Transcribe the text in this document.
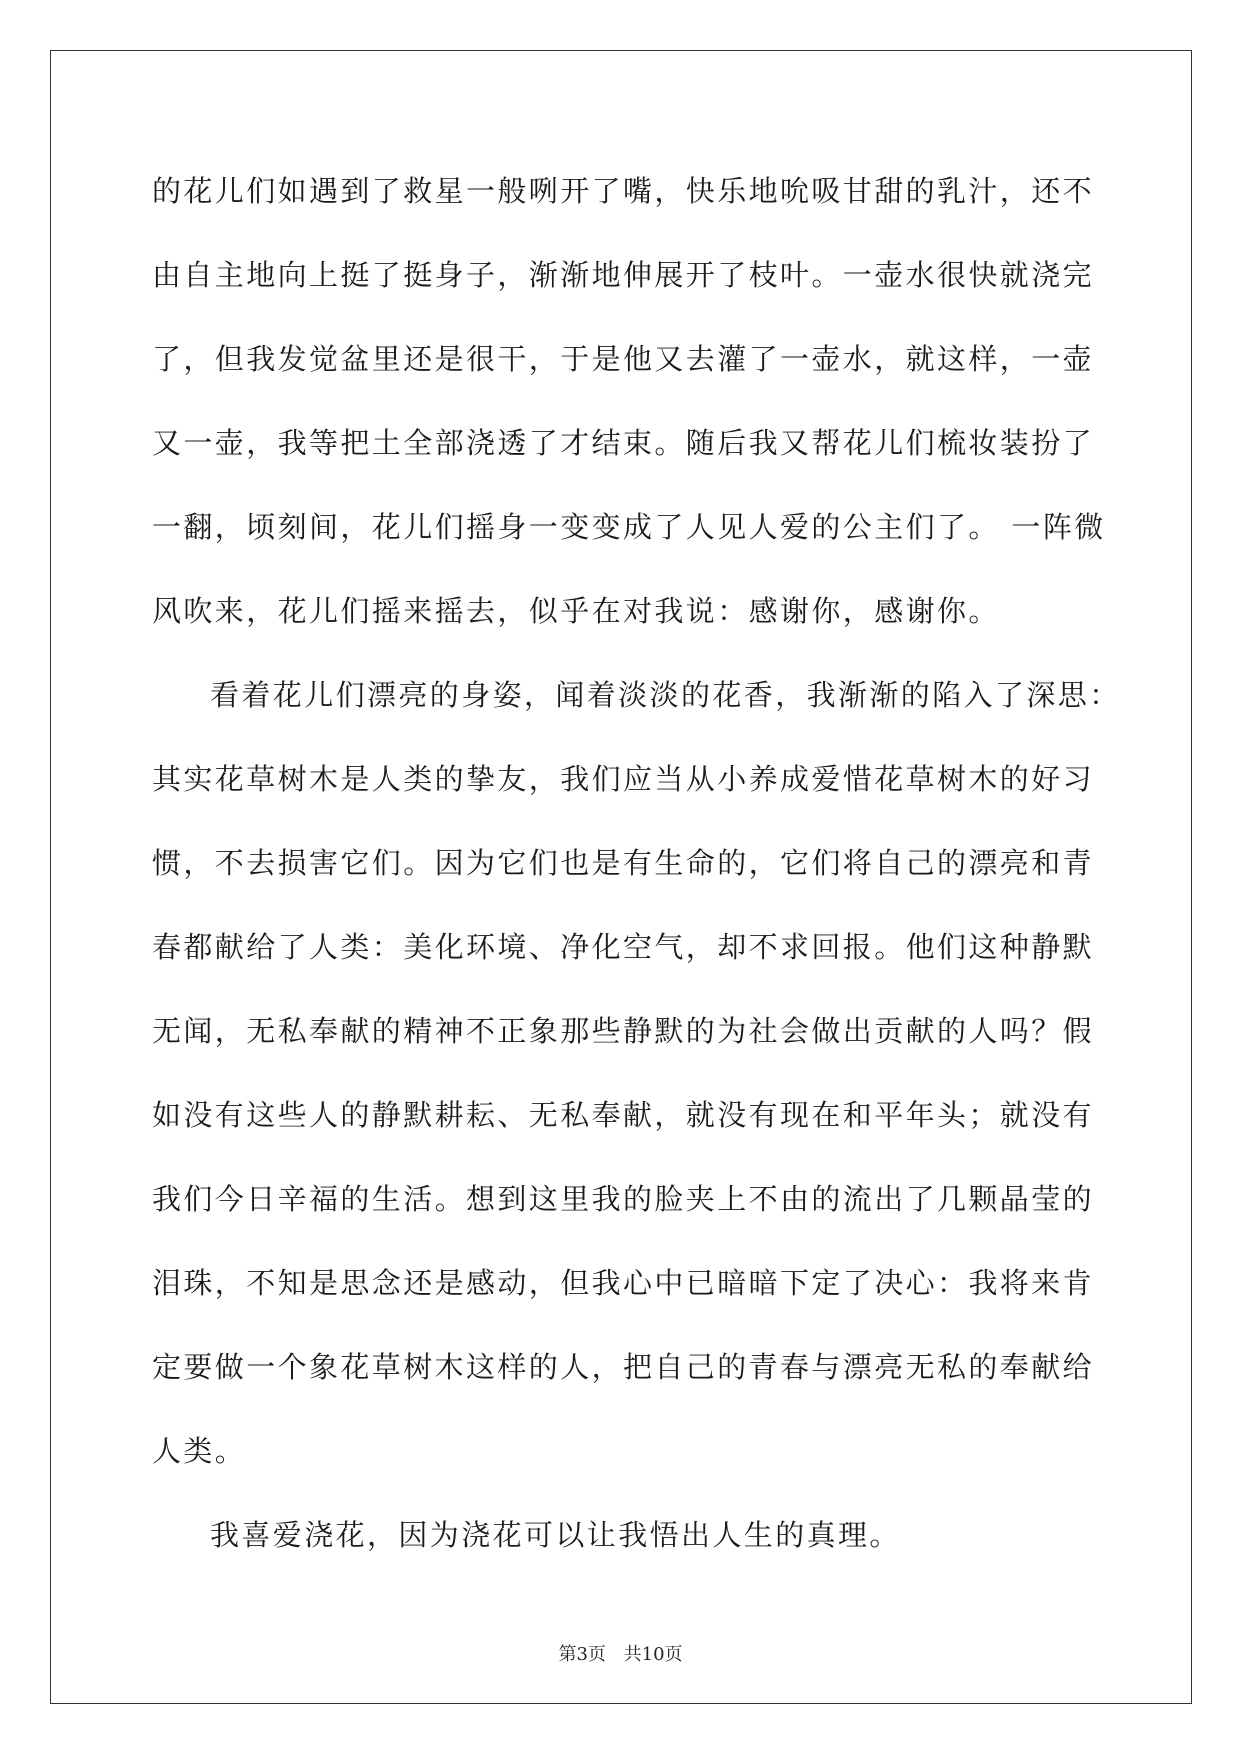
的花儿们如遇到了救星一般咧开了嘴，快乐地吮吸甘甜的乳汁，还不
由自主地向上挺了挺身子，渐渐地伸展开了枝叶。一壶水很快就浇完
了，但我发觉盆里还是很干，于是他又去灌了一壶水，就这样，一壶
又一壶，我等把土全部浇透了才结束。随后我又帮花儿们梳妆装扮了
一翻，顷刻间，花儿们摇身一变变成了人见人爱的公主们了。 一阵微
风吹来，花儿们摇来摇去，似乎在对我说：感谢你，感谢你。
看着花儿们漂亮的身姿，闻着淡淡的花香，我渐渐的陷入了深思：
其实花草树木是人类的挚友，我们应当从小养成爱惜花草树木的好习
惯，不去损害它们。因为它们也是有生命的，它们将自己的漂亮和青
春都献给了人类：美化环境、净化空气，却不求回报。他们这种静默
无闻，无私奉献的精神不正象那些静默的为社会做出贡献的人吗？假
如没有这些人的静默耕耘、无私奉献，就没有现在和平年头；就没有
我们今日辛福的生活。想到这里我的脸夹上不由的流出了几颗晶莹的
泪珠，不知是思念还是感动，但我心中已暗暗下定了决心：我将来肯
定要做一个象花草树木这样的人，把自己的青春与漂亮无私的奉献给
人类。
我喜爱浇花，因为浇花可以让我悟出人生的真理。
第3页 共10页
